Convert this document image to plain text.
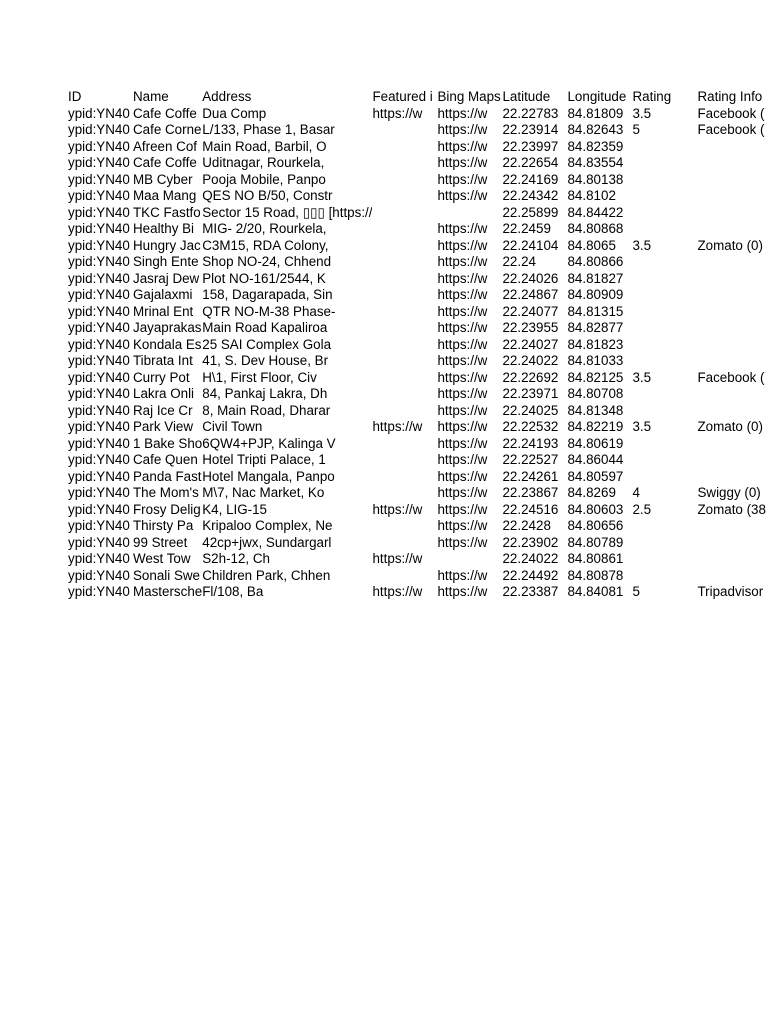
ID	Name	Address	Featured i	Bing Maps	Latitude	Longitude	Rating	Rating Info
ypid:YN40	Cafe Coffe	Dua Comp	https://w	https://w	22.22783	84.81809	3.5	Facebook (
ypid:YN40	Cafe Corne	L/133, Phase 1, Basar		https://w	22.23914	84.82643	5	Facebook (
ypid:YN40	Afreen Cof	Main Road, Barbil, O		https://w	22.23997	84.82359		
ypid:YN40	Cafe Coffe	Uditnagar, Rourkela,		https://w	22.22654	84.83554		
ypid:YN40	MB Cyber	Pooja Mobile, Panpo		https://w	22.24169	84.80138		
ypid:YN40	Maa Mang	QES NO B/50, Constr		https://w	22.24342	84.8102		
ypid:YN40	TKC Fastfo	Sector 15 Road, ▯▯▯ [https://			22.25899	84.84422		
ypid:YN40	Healthy Bi	MIG- 2/20, Rourkela,		https://w	22.2459	84.80868		
ypid:YN40	Hungry Jac	C3M15, RDA Colony,		https://w	22.24104	84.8065	3.5	Zomato (0)
ypid:YN40	Singh Ente	Shop NO-24, Chhend		https://w	22.24	84.80866		
ypid:YN40	Jasraj Dew	Plot NO-161/2544, K		https://w	22.24026	84.81827		
ypid:YN40	Gajalaxmi	158, Dagarapada, Sin		https://w	22.24867	84.80909		
ypid:YN40	Mrinal Ent	QTR NO-M-38 Phase-		https://w	22.24077	84.81315		
ypid:YN40	Jayaprakas	Main Road Kapaliroa		https://w	22.23955	84.82877		
ypid:YN40	Kondala Es	25 SAI Complex Gola		https://w	22.24027	84.81823		
ypid:YN40	Tibrata Int	41, S. Dev House, Br		https://w	22.24022	84.81033		
ypid:YN40	Curry Pot	H\1, First Floor, Civ		https://w	22.22692	84.82125	3.5	Facebook (
ypid:YN40	Lakra Onli	84, Pankaj Lakra, Dh		https://w	22.23971	84.80708		
ypid:YN40	Raj Ice Cr	8, Main Road, Dharar		https://w	22.24025	84.81348		
ypid:YN40	Park View	Civil Town	https://w	https://w	22.22532	84.82219	3.5	Zomato (0)
ypid:YN40	1 Bake Sho	6QW4+PJP, Kalinga V		https://w	22.24193	84.80619		
ypid:YN40	Cafe Quen	Hotel Tripti Palace, 1		https://w	22.22527	84.86044		
ypid:YN40	Panda Fast	Hotel Mangala, Panpo		https://w	22.24261	84.80597		
ypid:YN40	The Mom's	M\7, Nac Market, Ko		https://w	22.23867	84.8269	4	Swiggy (0)
ypid:YN40	Frosy Delig	K4, LIG-15	https://w	https://w	22.24516	84.80603	2.5	Zomato (38
ypid:YN40	Thirsty Pa	Kripaloo Complex, Ne		https://w	22.2428	84.80656		
ypid:YN40	99 Street	42cp+jwx, Sundargarl		https://w	22.23902	84.80789		
ypid:YN40	West Tow	S2h-12, Ch	https://w		22.24022	84.80861		
ypid:YN40	Sonali Swe	Children Park, Chhen		https://w	22.24492	84.80878		
ypid:YN40	Mastersche	Fl/108, Ba	https://w	https://w	22.23387	84.84081	5	Tripadvisor
